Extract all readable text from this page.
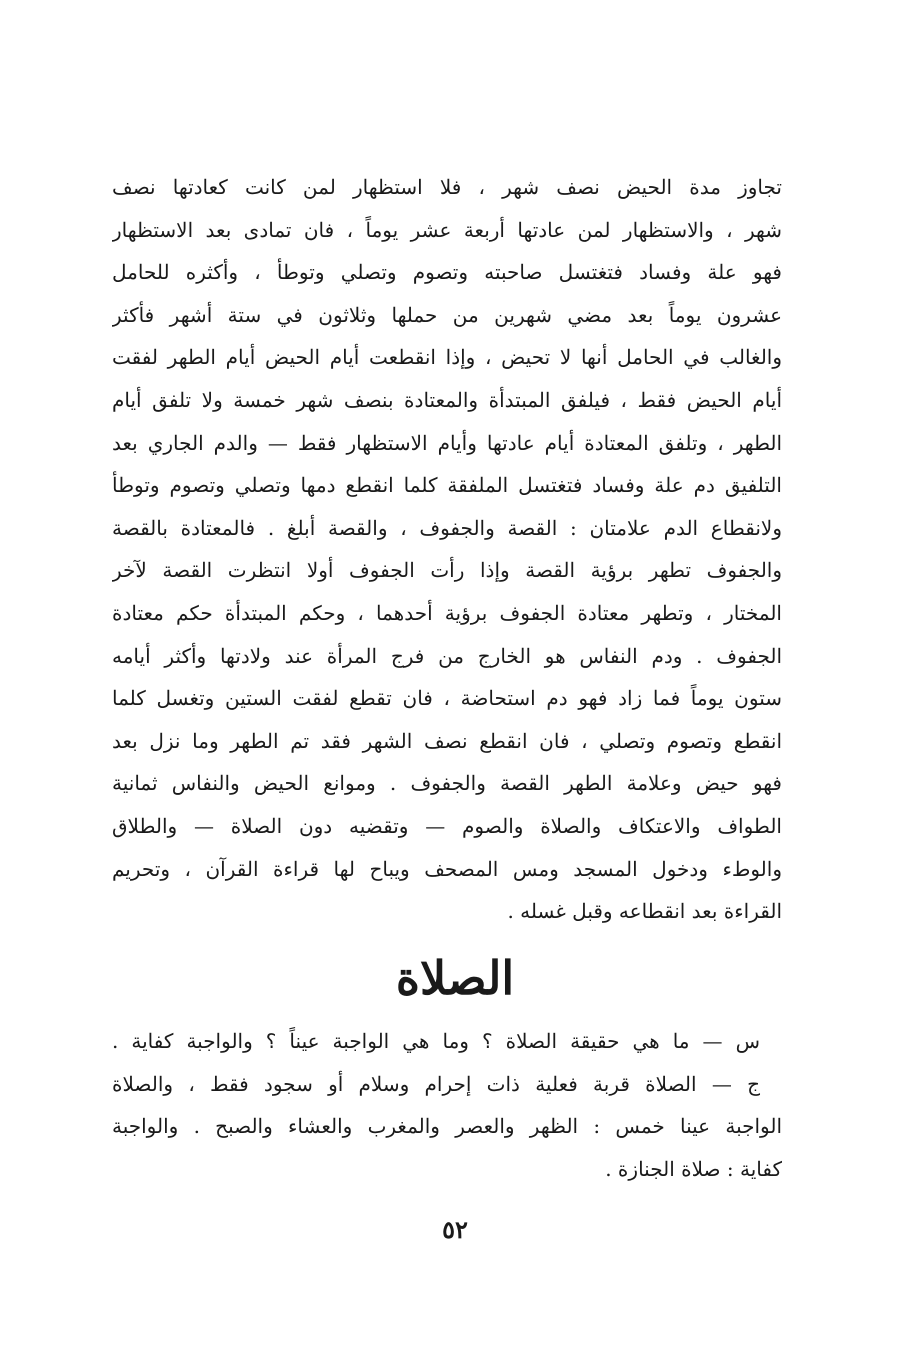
تجاوز مدة الحيض نصف شهر ، فلا استظهار لمن كانت كعادتها نصف
شهر ، والاستظهار لمن عادتها أربعة عشر يوماً ، فان تمادى بعد الاستظهار
فهو علة وفساد فتغتسل صاحبته وتصوم وتصلي وتوطأ ، وأكثره للحامل
عشرون يوماً بعد مضي شهرين من حملها وثلاثون في ستة أشهر فأكثر
والغالب في الحامل أنها لا تحيض ، وإذا انقطعت أيام الحيض أيام الطهر لفقت
أيام الحيض فقط ، فيلفق المبتدأة والمعتادة بنصف شهر خمسة ولا تلفق أيام
الطهر ، وتلفق المعتادة أيام عادتها وأيام الاستظهار فقط — والدم الجاري بعد
التلفيق دم علة وفساد فتغتسل الملفقة كلما انقطع دمها وتصلي وتصوم وتوطأ
ولانقطاع الدم علامتان : القصة والجفوف ، والقصة أبلغ . فالمعتادة بالقصة
والجفوف تطهر برؤية القصة وإذا رأت الجفوف أولا انتظرت القصة لآخر
المختار ، وتطهر معتادة الجفوف برؤية أحدهما ، وحكم المبتدأة حكم معتادة
الجفوف . ودم النفاس هو الخارج من فرج المرأة عند ولادتها وأكثر أيامه
ستون يوماً فما زاد فهو دم استحاضة ، فان تقطع لفقت الستين وتغسل كلما
انقطع وتصوم وتصلي ، فان انقطع نصف الشهر فقد تم الطهر وما نزل بعد
فهو حيض وعلامة الطهر القصة والجفوف . وموانع الحيض والنفاس ثمانية
الطواف والاعتكاف والصلاة والصوم — وتقضيه دون الصلاة — والطلاق
والوطء ودخول المسجد ومس المصحف ويباح لها قراءة القرآن ، وتحريم
القراءة بعد انقطاعه وقبل غسله .
الصلاة
س — ما هي حقيقة الصلاة ؟ وما هي الواجبة عيناً ؟ والواجبة كفاية .
ج — الصلاة قربة فعلية ذات إحرام وسلام أو سجود فقط ، والصلاة
الواجبة عينا خمس : الظهر والعصر والمغرب والعشاء والصبح . والواجبة
كفاية : صلاة الجنازة .
٥٢
